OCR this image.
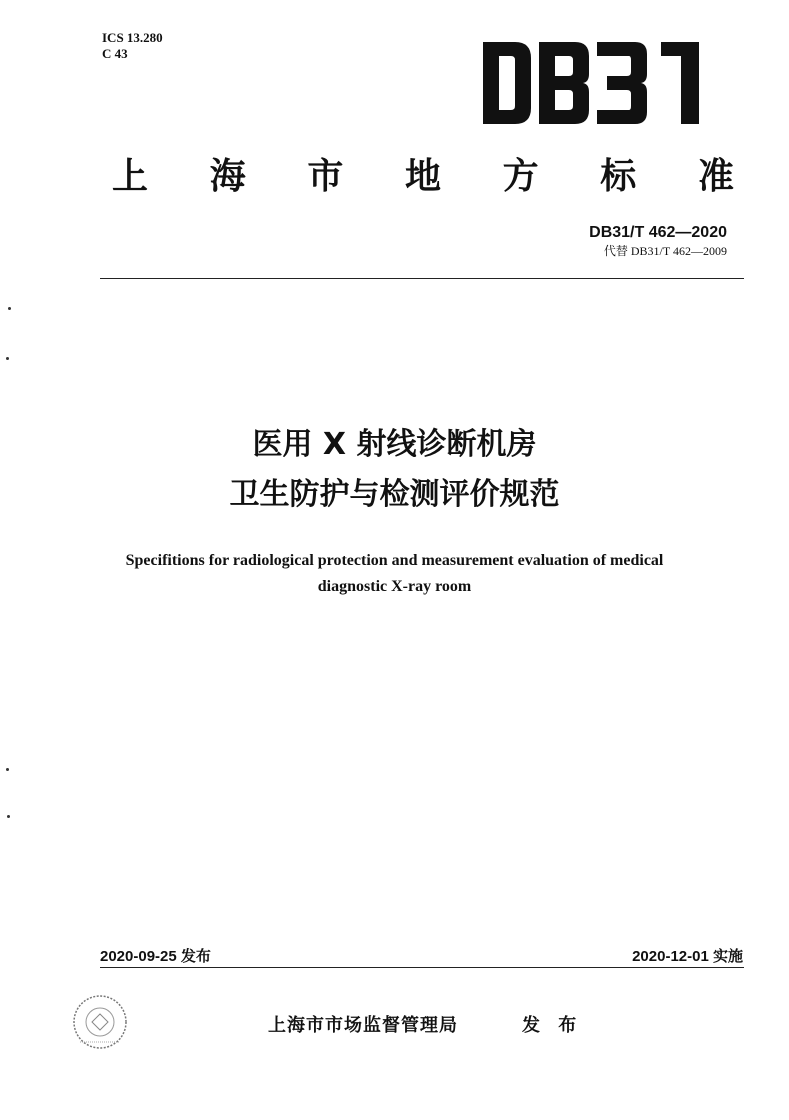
ICS 13.280
C 43
上 海 市 地 方 标 准
DB31/T 462—2020
代替 DB31/T 462—2009
医用 X 射线诊断机房
卫生防护与检测评价规范
Specifitions for radiological protection and measurement evaluation of medical
diagnostic X-ray room
2020-09-25 发布	2020-12-01 实施
上海市市场监督管理局	发 布
